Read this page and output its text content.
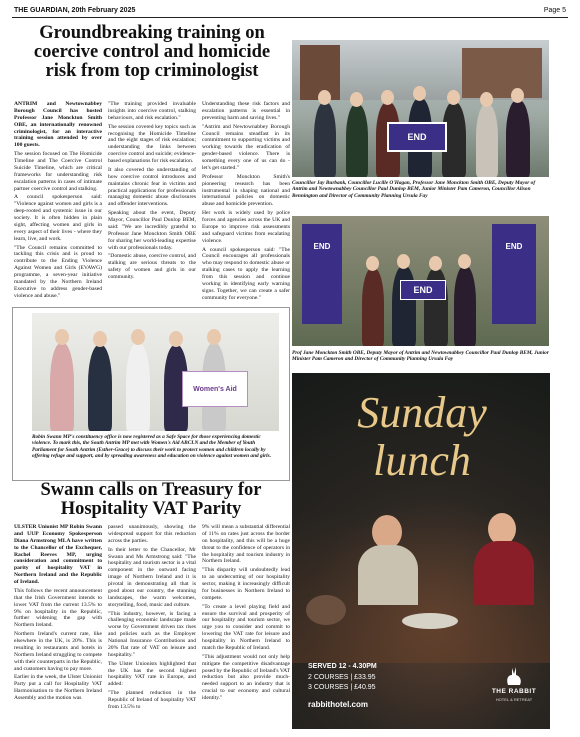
THE GUARDIAN, 20th February 2025	Page 5
Groundbreaking training on coercive control and homicide risk from top criminologist

ANTRIM and Newtownabbey Borough Council has hosted Professor Jane Monckton Smith OBE, an internationally renowned criminologist, for an interactive training session attended by over 100 guests.

The session focused on The Homicide Timeline and The Coercive Control Suicide Timeline, which are critical frameworks for understanding risk escalation patterns in cases of intimate partner coercive control and stalking.

A council spokesperson said: "Violence against women and girls is a deep-rooted and systemic issue in our society. It is often hidden in plain sight, affecting women and girls in every aspect of their lives - where they learn, live, and work.

"The Council remains committed to tackling this crisis and is proud to contribute to the Ending Violence Against Women and Girls (EVAWG) programme, a seven-year initiative mandated by the Northern Ireland Executive to address gender-based violence and abuse."

"The training provided invaluable insights into coercive control, stalking behaviours, and risk escalation."

The session covered key topics such as recognising the Homicide Timeline and the eight stages of risk escalation; understanding the links between coercive control and suicide; evidence-based explanations for risk escalation.

It also covered the understanding of how coercive control introduces and maintains chronic fear in victims and practical applications for professionals managing domestic abuse disclosures and offender interventions.

Speaking about the event, Deputy Mayor, Councillor Paul Dunlop BEM, said: "We are incredibly grateful to Professor Jane Monckton Smith OBE for sharing her world-leading expertise with our professionals today.

"Domestic abuse, coercive control, and stalking are serious threats to the safety of women and girls in our community.

Understanding these risk factors and escalation patterns is essential in preventing harm and saving lives."

"Antrim and Newtownabbey Borough Council remains steadfast in its commitment to supporting victims and working towards the eradication of gender-based violence. There is something every one of us can do - let's get started."

Professor Monckton Smith's pioneering research has been instrumental in shaping national and international policies on domestic abuse and homicide prevention.

Her work is widely used by police forces and agencies across the UK and Europe to improve risk assessments and safeguard victims from escalating violence.

A council spokesperson said: "The Council encourages all professionals who may respond to domestic abuse or stalking cases to apply the learning from this session and continue working in identifying early warning signs. Together, we can create a safer community for everyone."

END
Councillor Jay Burbank, Councillor Lucille O'Hagan, Professor Jane Monckton Smith OBE, Deputy Mayor of Antrim and Newtownabbey Councillor Paul Dunlop BEM, Junior Minister Pam Cameron, Councillor Alison Bennington and Director of Community Planning Ursula Fay
END	END
END
Prof Jane Monckton Smith OBE, Deputy Mayor of Antrim and Newtownabbey Councillor Paul Dunlop BEM, Junior Minister Pam Cameron and Director of Community Planning Ursula Fay
Women's Aid
Robin Swann MP's constituency office is now registered as a Safe Space for those experiencing domestic violence. To mark this, the South Antrim MP met with Women's Aid ABCLN and the Member of Youth Parliament for South Antrim (Esther-Grace) to discuss their work to protect women and children locally by offering refuge and support, and by spreading awareness and education on violence against women and girls.
Swann calls on Treasury for Hospitality VAT Parity

ULSTER Unionist MP Robin Swann and UUP Economy Spokesperson Diana Armstrong MLA have written to the Chancellor of the Exchequer, Rachel Reeves MP, urging consideration and commitment to parity of hospitality VAT in Northern Ireland and the Republic of Ireland.

This follows the recent announcement that the Irish Government intends to lower VAT from the current 13.5% to 9% on hospitality in the Republic, further widening the gap with Northern Ireland.

Northern Ireland's current rate, like elsewhere in the UK, is 20%. This is resulting in restaurants and hotels in Northern Ireland struggling to compete with their counterparts in the Republic, and customers having to pay more.

Earlier in the week, the Ulster Unionist Party put a call for Hospitality VAT Harmonisation to the Northern Ireland Assembly and the motion was

passed unanimously, showing the widespread support for this reduction across the parties.

In their letter to the Chancellor, Mr Swann and Ms Armstrong said: "The hospitality and tourism sector is a vital component in the outward facing image of Northern Ireland and it is pivotal in demonstrating all that is good about our country, the stunning landscapes, the warm welcomes, storytelling, food, music and culture.

"This industry, however, is facing a challenging economic landscape made worse by Government driven tax rises and policies such as the Employer National Insurance Contributions and 20% flat rate of VAT on leisure and hospitality."

The Ulster Unionists highlighted that the UK has the second highest hospitality VAT rate in Europe, and added:

"The planned reduction in the Republic of Ireland of hospitality VAT from 13.5% to

9% will mean a substantial differential of 11% on rates just across the border on hospitality, and this will be a huge threat to the confidence of operators in the hospitality and tourism industry in Northern Ireland.

"This disparity will undoubtedly lead to an undercutting of our hospitality sector, making it increasingly difficult for businesses in Northern Ireland to compete.

"To create a level playing field and ensure the survival and prosperity of our hospitality and tourism sector, we urge you to consider and commit to lowering the VAT rate for leisure and hospitality in Northern Ireland to match the Republic of Ireland.

"This adjustment would not only help mitigate the competitive disadvantage posed by the Republic of Ireland's VAT reduction but also provide much-needed support to an industry that is crucial to our economy and cultural identity."

Sunday
lunch
SERVED 12 - 4.30PM
2 COURSES | £33.95
3 COURSES | £40.95
rabbithotel.com
THE RABBIT
HOTEL & RETREAT
